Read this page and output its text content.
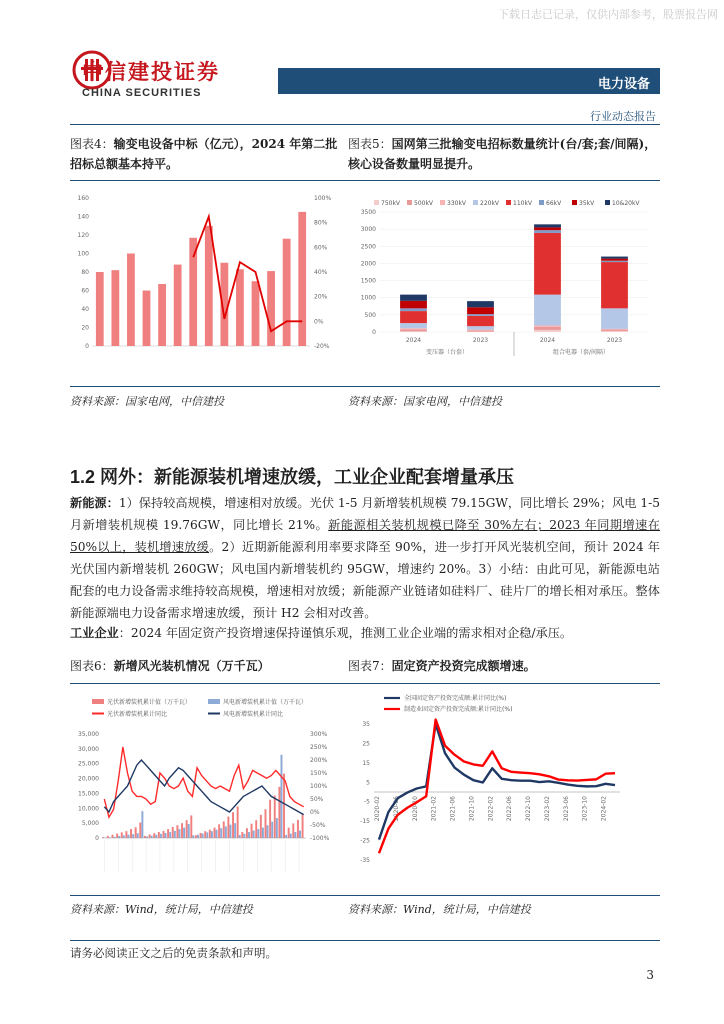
下载日志已记录，仅供内部参考，股票报告网
中信建投证券
CHINA SECURITIES
电力设备
行业动态报告
图表4：输变电设备中标（亿元），2024 年第二批招标总额基本持平。
图表5：国网第三批输变电招标数量统计(台/套;套/间隔)，核心设备数量明显提升。
0
20
40
60
80
100
120
140
160	100%
80%
60%
40%
20%
0%
-20%
750kV 500kV 330kV 220kV 110kV 66kV	35kV	10&20kV
0
500
1000
1500
2000
2500
3000
3500
2024	2023	2024	2023
变压器（台套）	组合电器（套/间隔）
资料来源：国家电网，中信建投	资料来源：国家电网，中信建投
1.2 网外：新能源装机增速放缓，工业企业配套增量承压
新能源：1）保持较高规模，增速相对放缓。光伏 1-5 月新增装机规模 79.15GW，同比增长 29%；风电 1-5 月新增装机规模 19.76GW，同比增长 21%。新能源相关装机规模已降至 30%左右；2023 年同期增速在 50%以上，装机增速放缓。2）近期新能源利用率要求降至 90%，进一步打开风光装机空间，预计 2024 年光伏国内新增装机 260GW；风电国内新增装机约 95GW，增速约 20%。3）小结：由此可见，新能源电站配套的电力设备需求维持较高规模，增速相对放缓；新能源产业链诸如硅料厂、硅片厂的增长相对承压。整体新能源端电力设备需求增速放缓，预计 H2 会相对改善。
工业企业：2024 年固定资产投资增速保持谨慎乐观，推测工业企业端的需求相对企稳/承压。
图表6：新增风光装机情况（万千瓦）	图表7：固定资产投资完成额增速。
光伏新增装机累计值（万千瓦）	风电新增装机累计值（万千瓦）
光伏新增装机累计同比	风电新增装机累计同比
35,000
30,000
25,000
20,000
15,000
10,000
5,000
0
300%
250%
200%
150%
100%
50%
0%
-50%
-100%
全国固定资产投资完成额:累计同比(%)
制造业固定资产投资完成额:累计同比(%)
35
25
15
5
-5
-15
-25
-35
2020-02 2020-06 2020-10 2021-02 2021-06 2021-10 2022-02 2022-06 2022-10 2023-02 2023-06 2023-10 2024-02
资料来源：Wind，统计局，中信建投	资料来源：Wind，统计局，中信建投
请务必阅读正文之后的免责条款和声明。
3
